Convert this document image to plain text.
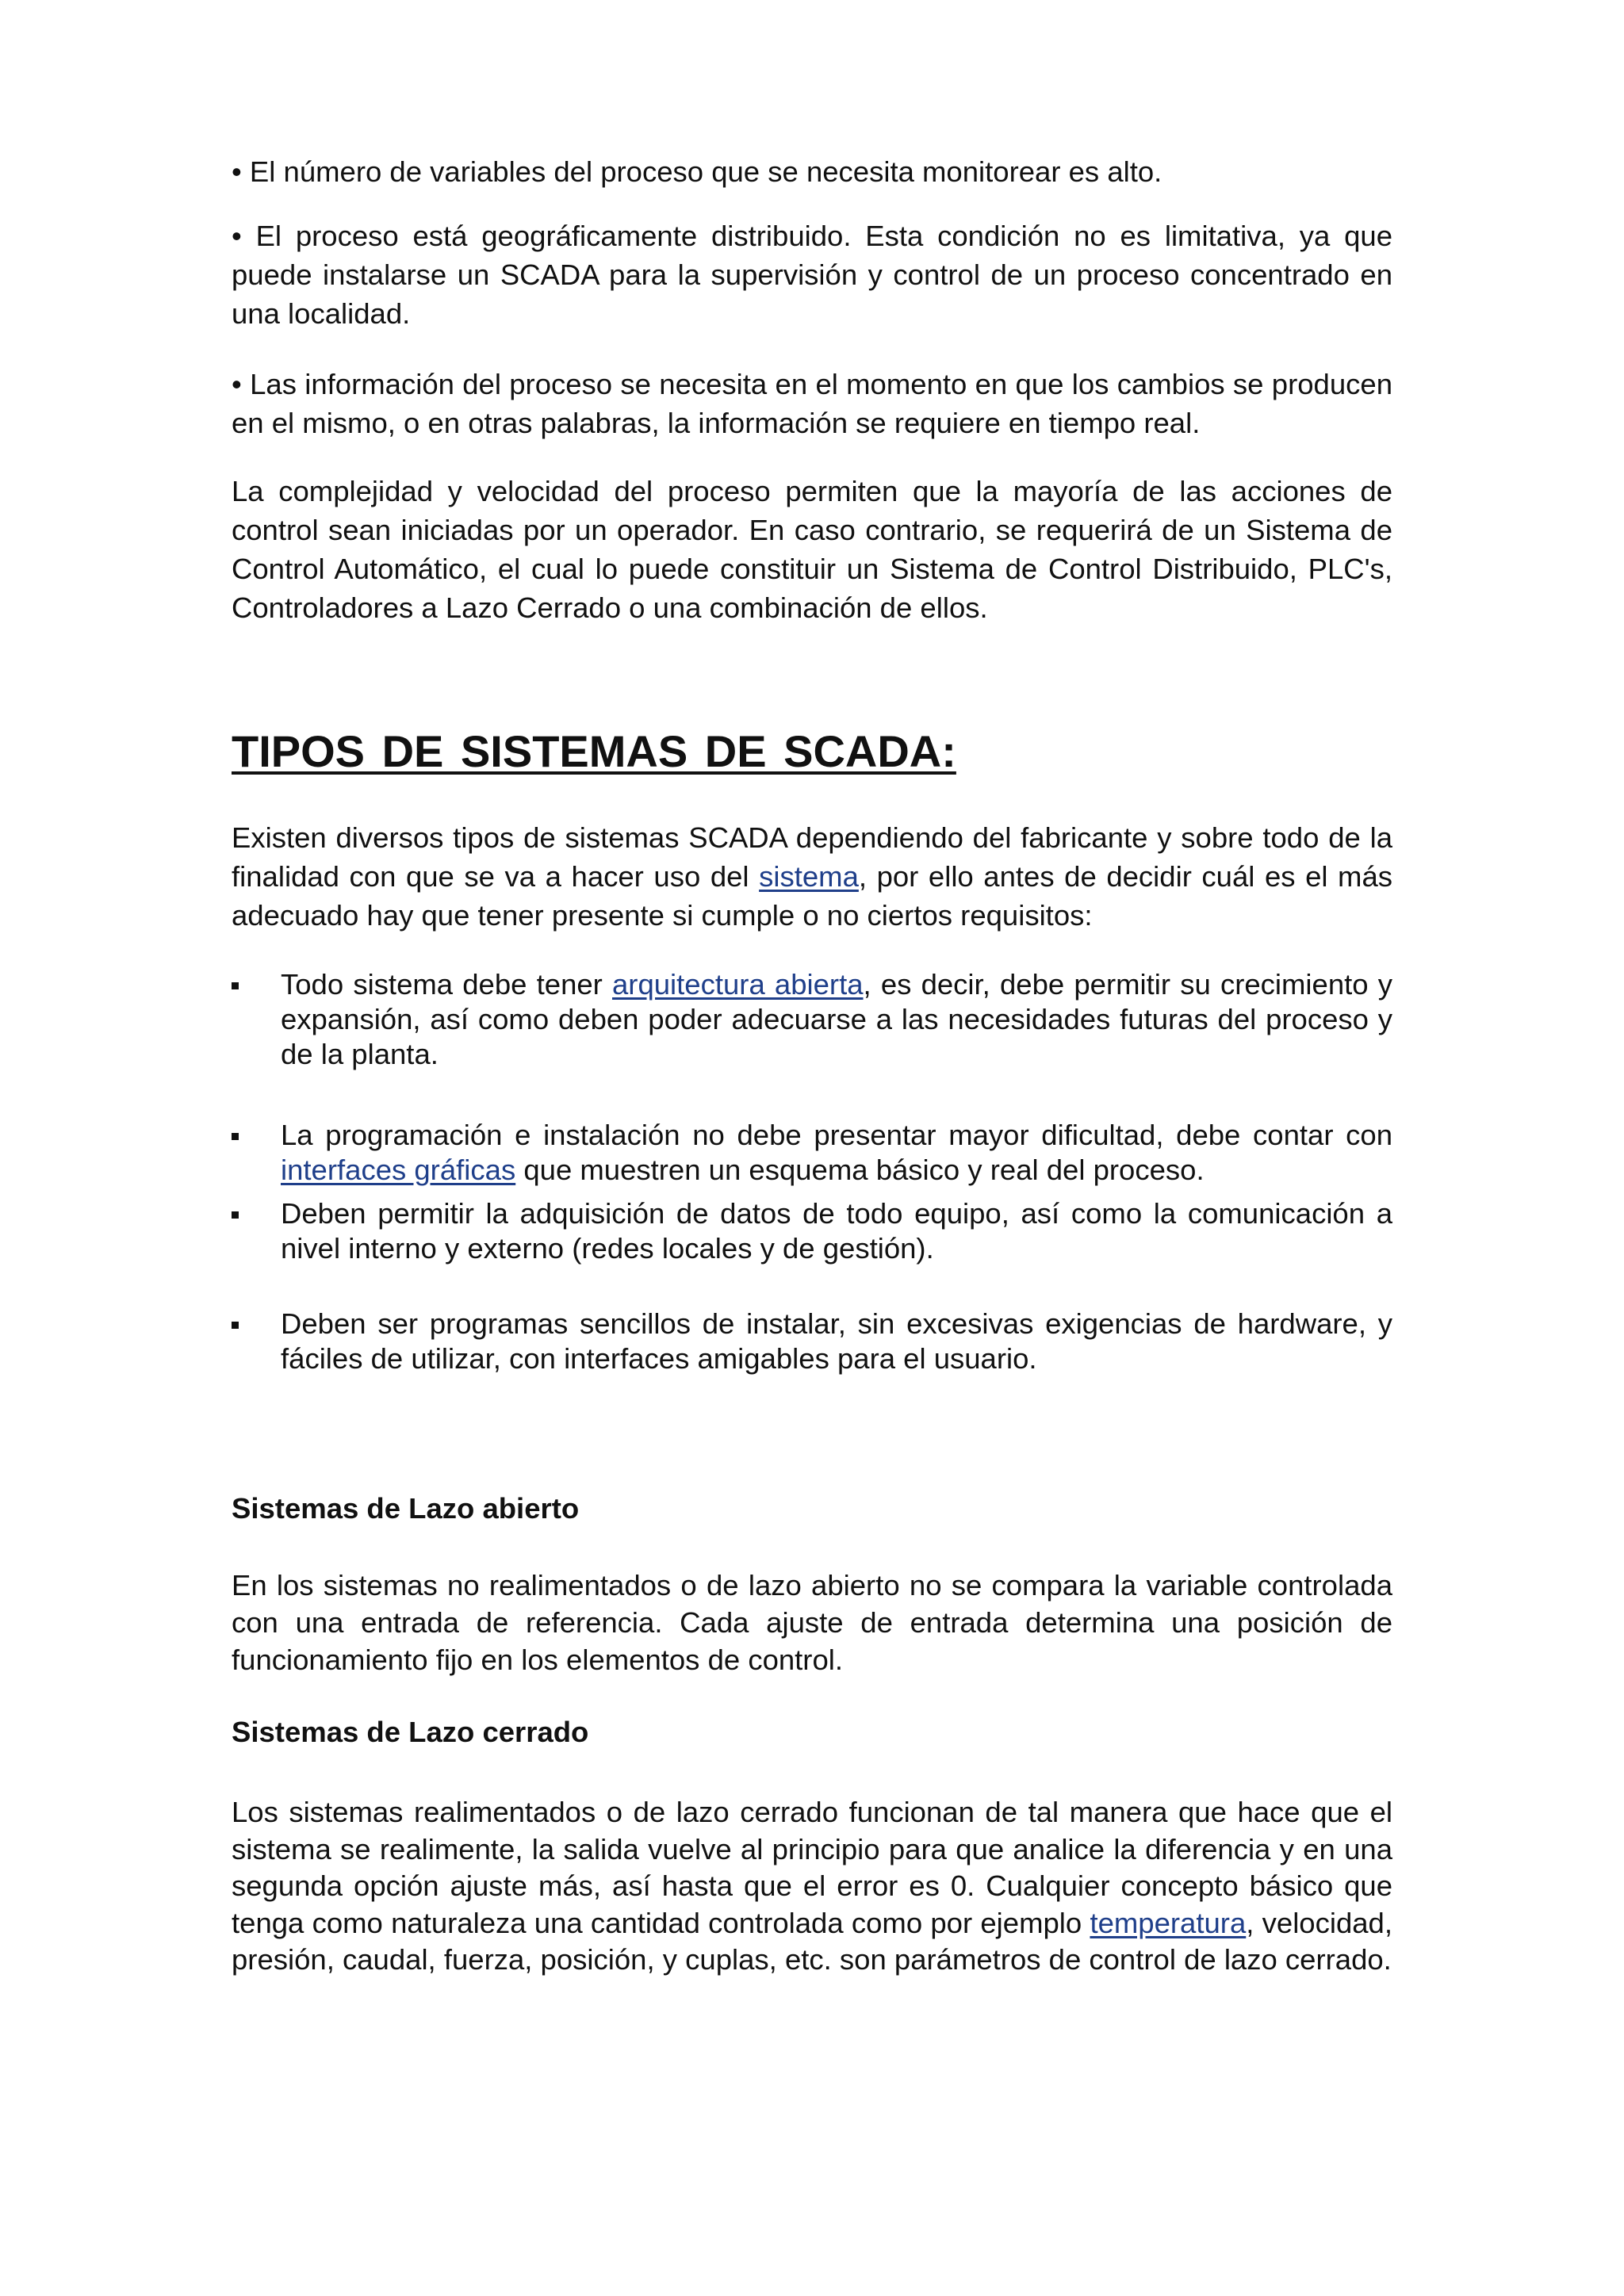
• El número de variables del proceso que se necesita monitorear es alto.
• El proceso está geográficamente distribuido. Esta condición no es limitativa, ya que puede instalarse un SCADA para la supervisión y control de un proceso concentrado en una localidad.
• Las información del proceso se necesita en el momento en que los cambios se producen en el mismo, o en otras palabras, la información se requiere en tiempo real.
La complejidad y velocidad del proceso permiten que la mayoría de las acciones de control sean iniciadas por un operador. En caso contrario, se requerirá de un Sistema de Control Automático, el cual lo puede constituir un Sistema de Control Distribuido, PLC's, Controladores a Lazo Cerrado o una combinación de ellos.
TIPOS DE SISTEMAS DE SCADA:
Existen diversos tipos de sistemas SCADA dependiendo del fabricante y sobre todo de la finalidad con que se va a hacer uso del sistema, por ello antes de decidir cuál es el más adecuado hay que tener presente si cumple o no ciertos requisitos:
Todo sistema debe tener arquitectura abierta, es decir, debe permitir su crecimiento y expansión, así como deben poder adecuarse a las necesidades futuras del proceso y de la planta.
La programación e instalación no debe presentar mayor dificultad, debe contar con interfaces gráficas que muestren un esquema básico y real del proceso.
Deben permitir la adquisición de datos de todo equipo, así como la comunicación a nivel interno y externo (redes locales y de gestión).
Deben ser programas sencillos de instalar, sin excesivas exigencias de hardware, y fáciles de utilizar, con interfaces amigables para el usuario.
Sistemas de Lazo abierto
En los sistemas no realimentados o de lazo abierto no se compara la variable controlada con una entrada de referencia. Cada ajuste de entrada determina una posición de funcionamiento fijo en los elementos de control.
Sistemas de Lazo cerrado
Los sistemas realimentados o de lazo cerrado funcionan de tal manera que hace que el sistema se realimente, la salida vuelve al principio para que analice la diferencia y en una segunda opción ajuste más, así hasta que el error es 0. Cualquier concepto básico que tenga como naturaleza una cantidad controlada como por ejemplo temperatura, velocidad, presión, caudal, fuerza, posición, y cuplas, etc. son parámetros de control de lazo cerrado.
